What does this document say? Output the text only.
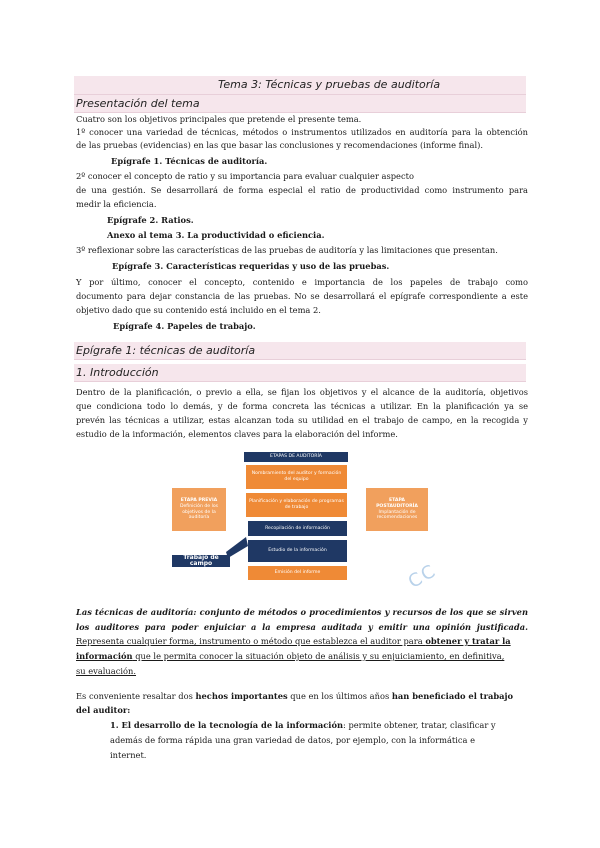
Tema 3: Técnicas y pruebas de auditoría
Presentación del tema
Cuatro son los objetivos principales que pretende el presente tema.
1º conocer una variedad de técnicas, métodos o instrumentos utilizados en auditoría para la obtención
de las pruebas (evidencias) en las que basar las conclusiones y recomendaciones (informe final).
Epígrafe 1. Técnicas de auditoría.
2º conocer el concepto de ratio y su importancia para evaluar cualquier aspecto
de una gestión. Se desarrollará de forma especial el ratio de productividad como instrumento para
medir la eficiencia.
Epígrafe 2. Ratios.
Anexo al tema 3. La productividad o eficiencia.
3º reflexionar sobre las características de las pruebas de auditoría y las limitaciones que presentan.
Epígrafe 3. Características requeridas y uso de las pruebas.
Y por último, conocer el concepto, contenido e importancia de los papeles de trabajo como
documento para dejar constancia de las pruebas. No se desarrollará el epígrafe correspondiente a este
objetivo dado que su contenido está incluido en el tema 2.
Epígrafe 4. Papeles de trabajo.
Epígrafe 1: técnicas de auditoría
1. Introducción
Dentro de la planificación, o previo a ella, se fijan los objetivos y el alcance de la auditoría, objetivos
que condiciona todo lo demás, y de forma concreta las técnicas a utilizar. En la planificación ya se
prevén las técnicas a utilizar, estas alcanzan toda su utilidad en el trabajo de campo, en la recogida y
estudio de la información, elementos claves para la elaboración del informe.
ETAPAS DE AUDITORÍA
Nombramiento del auditor y formación del equipo
Planificación y elaboración de programas de trabajo
Recopilación de información
Estudio de la información
Emisión del informe
ETAPA PREVIA
Definición de los objetivos de la auditoría
ETAPA POSTAUDITORÍA
Implantación de recomendaciones
Trabajo de campo	CC
Las técnicas de auditoría: conjunto de métodos o procedimientos y recursos de los que se sirven
los auditores para poder enjuiciar a la empresa auditada y emitir una opinión justificada.
Representa cualquier forma, instrumento o método que establezca el auditor para obtener y tratar la
información que le permita conocer la situación objeto de análisis y su enjuiciamiento, en definitiva,
su evaluación.
Es conveniente resaltar dos hechos importantes que en los últimos años han beneficiado el trabajo
del auditor:
1. El desarrollo de la tecnología de la información: permite obtener, tratar, clasificar y
además de forma rápida una gran variedad de datos, por ejemplo, con la informática e
internet.
